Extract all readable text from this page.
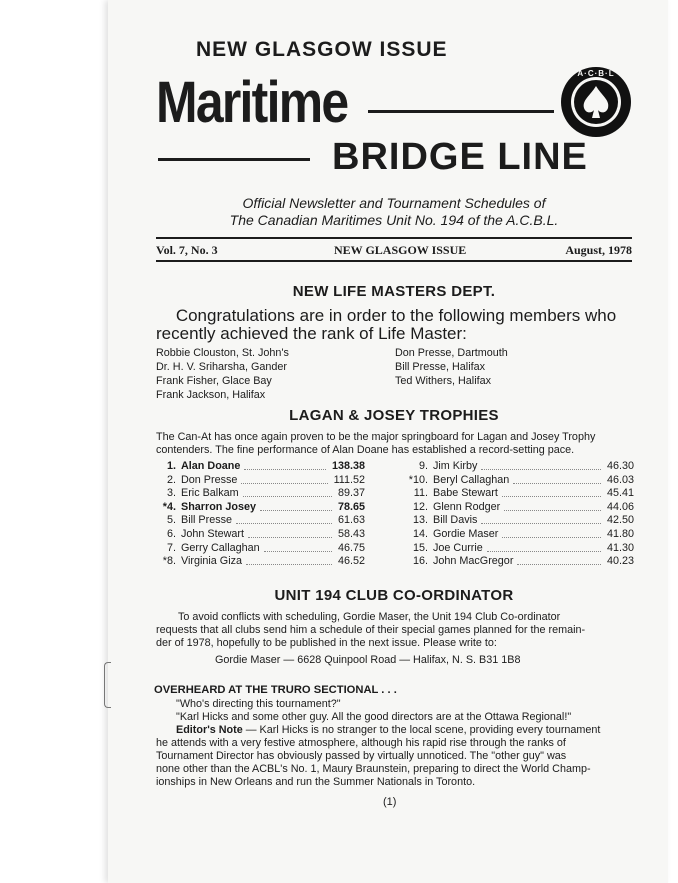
NEW GLASGOW ISSUE
Maritime
BRIDGE LINE
A·C·B·L
Official Newsletter and Tournament Schedules of
The Canadian Maritimes Unit No. 194 of the A.C.B.L.
Vol. 7, No. 3	NEW GLASGOW ISSUE	August, 1978
NEW LIFE MASTERS DEPT.
Congratulations are in order to the following members who
recently achieved the rank of Life Master:
Robbie Clouston, St. John's
Dr. H. V. Sriharsha, Gander
Frank Fisher, Glace Bay
Frank Jackson, Halifax
Don Presse, Dartmouth
Bill Presse, Halifax
Ted Withers, Halifax
LAGAN & JOSEY TROPHIES
The Can-At has once again proven to be the major springboard for Lagan and Josey Trophy
contenders. The fine performance of Alan Doane has established a record-setting pace.
1. Alan Doane	138.38
2. Don Presse	111.52
3. Eric Balkam	89.37
*4. Sharron Josey	78.65
5. Bill Presse	61.63
6. John Stewart	58.43
7. Gerry Callaghan	46.75
*8. Virginia Giza	46.52
9. Jim Kirby	46.30
*10. Beryl Callaghan	46.03
11. Babe Stewart	45.41
12. Glenn Rodger	44.06
13. Bill Davis	42.50
14. Gordie Maser	41.80
15. Joe Currie	41.30
16. John MacGregor	40.23
UNIT 194 CLUB CO-ORDINATOR
To avoid conflicts with scheduling, Gordie Maser, the Unit 194 Club Co-ordinator
requests that all clubs send him a schedule of their special games planned for the remain-
der of 1978, hopefully to be published in the next issue. Please write to:
Gordie Maser — 6628 Quinpool Road — Halifax, N. S. B31 1B8
OVERHEARD AT THE TRURO SECTIONAL . . .
"Who's directing this tournament?"
"Karl Hicks and some other guy. All the good directors are at the Ottawa Regional!"
Editor's Note — Karl Hicks is no stranger to the local scene, providing every tournament
he attends with a very festive atmosphere, although his rapid rise through the ranks of
Tournament Director has obviously passed by virtually unnoticed. The "other guy" was
none other than the ACBL's No. 1, Maury Braunstein, preparing to direct the World Champ-
ionships in New Orleans and run the Summer Nationals in Toronto.
(1)
